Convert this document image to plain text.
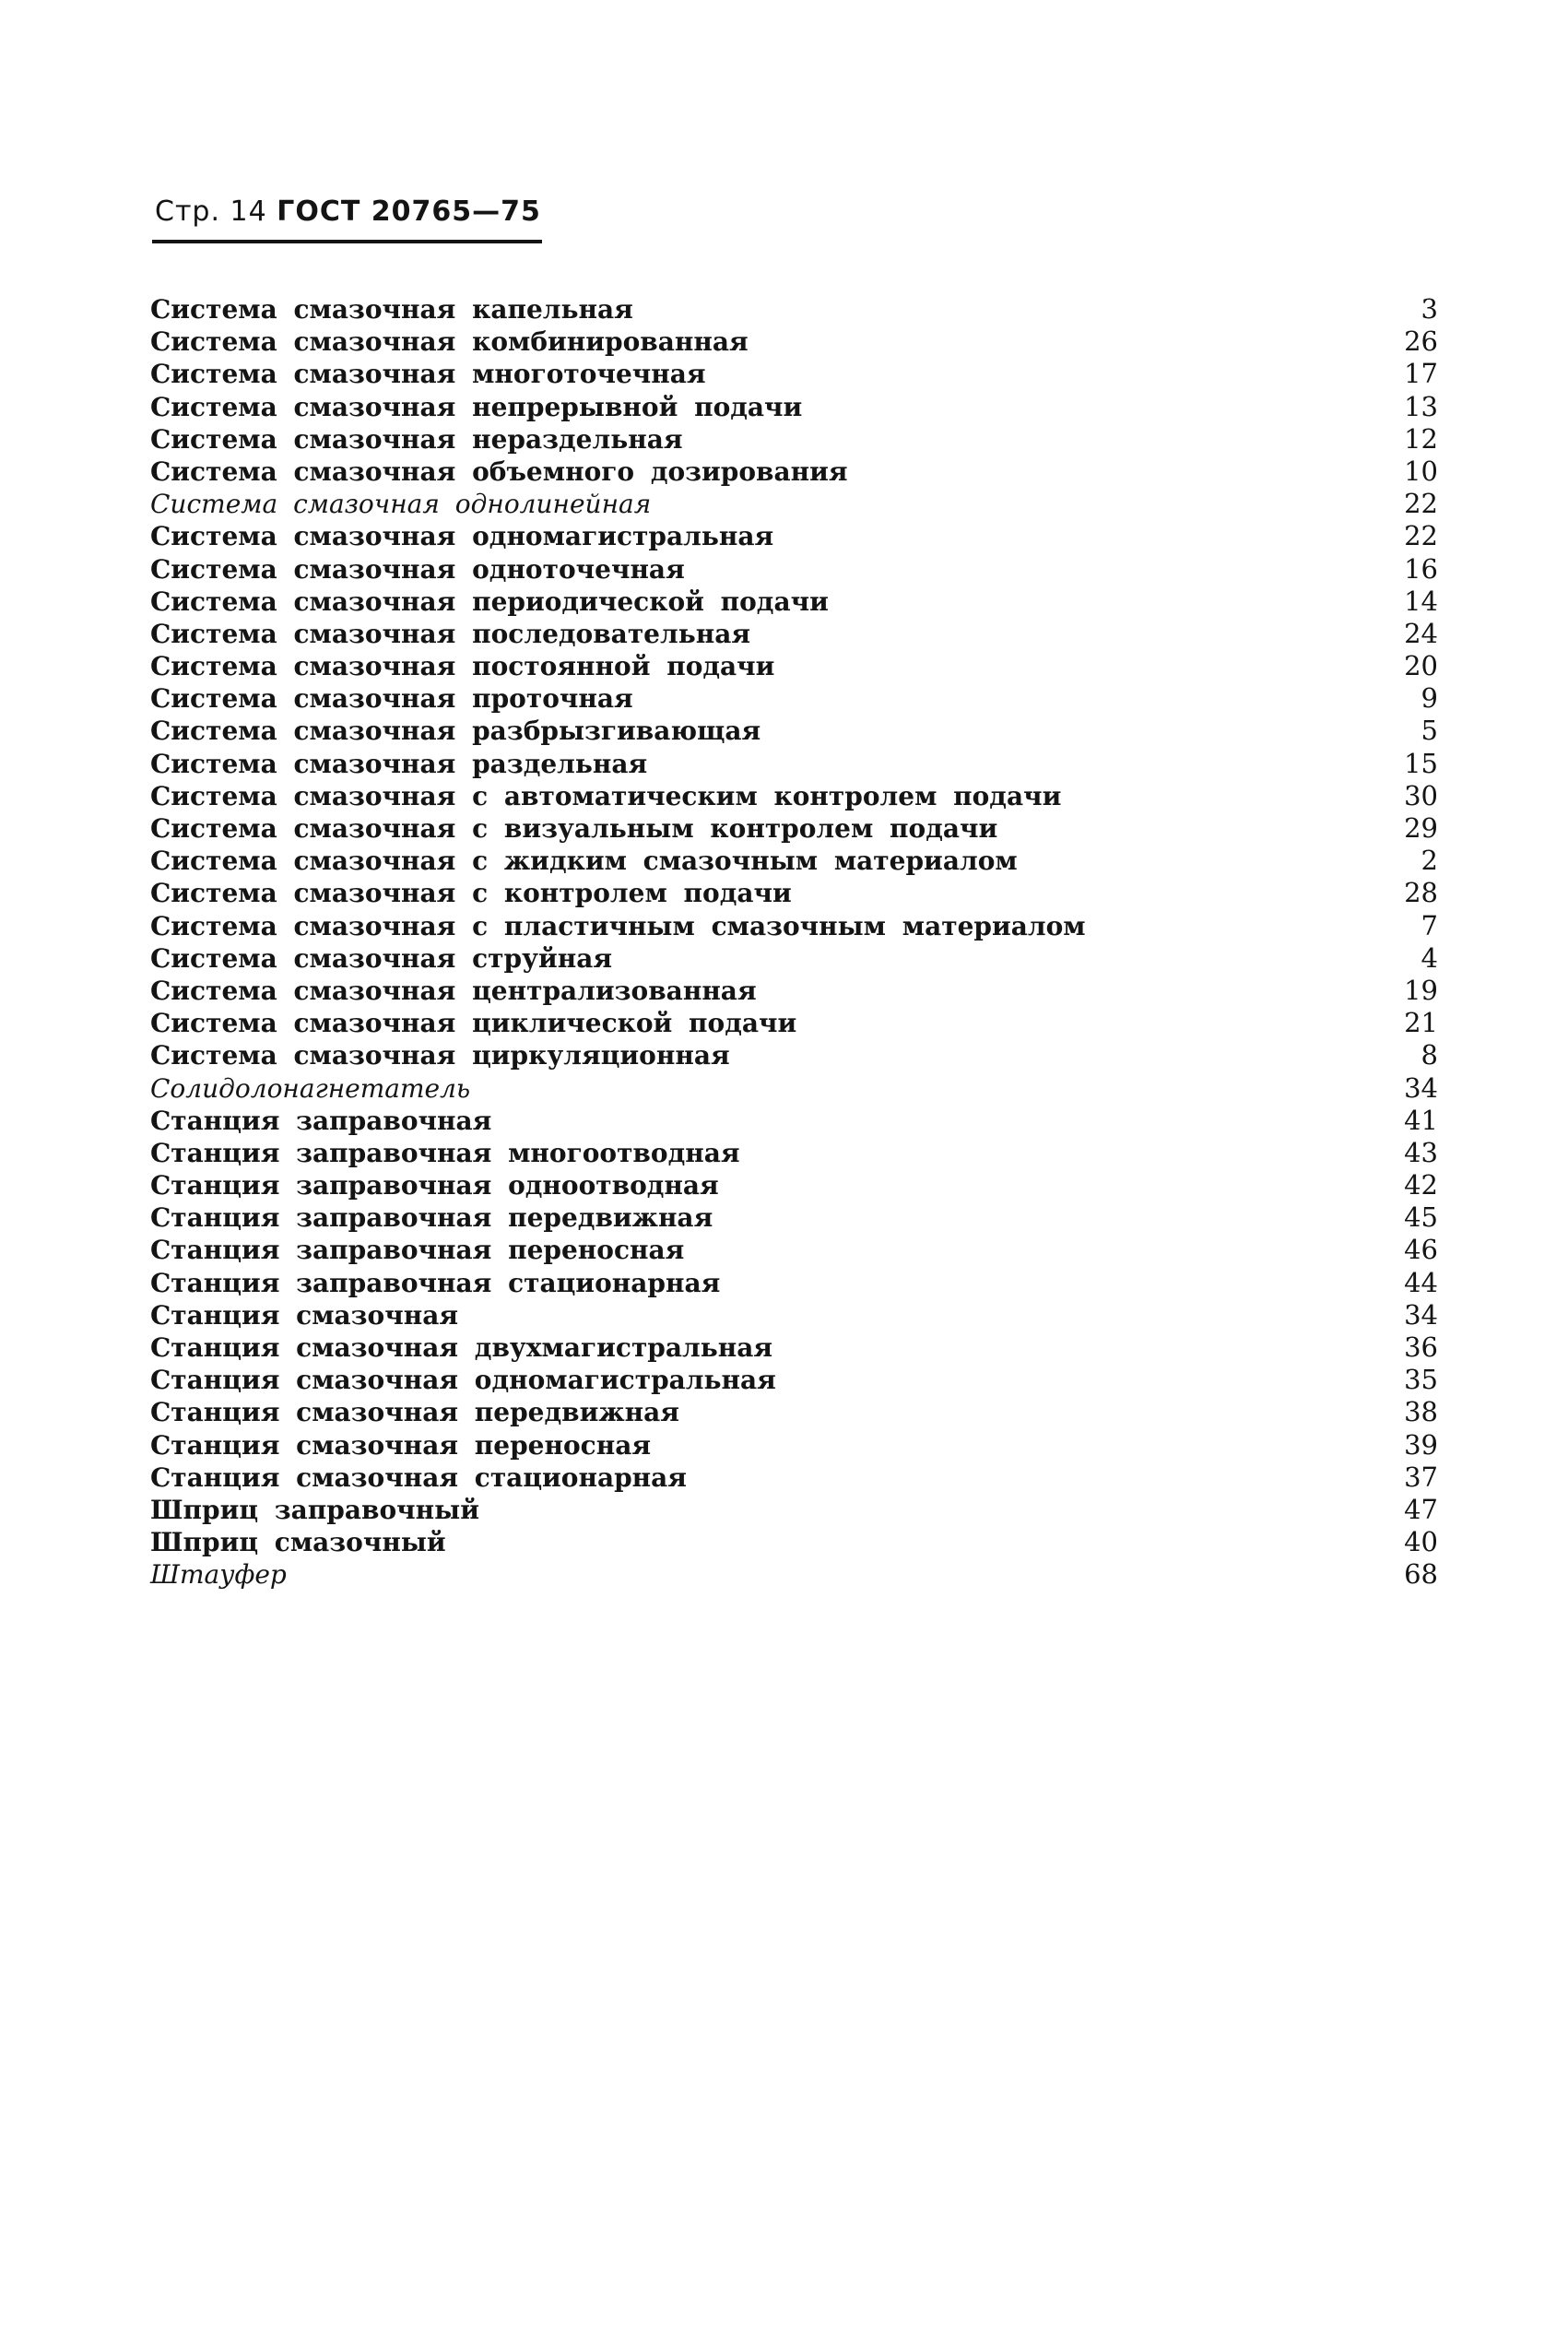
Стр. 14 ГОСТ 20765—75
Система смазочная капельная	3
Система смазочная комбинированная	26
Система смазочная многоточечная	17
Система смазочная непрерывной подачи	13
Система смазочная нераздельная	12
Система смазочная объемного дозирования	10
Система смазочная однолинейная	22
Система смазочная одномагистральная	22
Система смазочная одноточечная	16
Система смазочная периодической подачи	14
Система смазочная последовательная	24
Система смазочная постоянной подачи	20
Система смазочная проточная	9
Система смазочная разбрызгивающая	5
Система смазочная раздельная	15
Система смазочная с автоматическим контролем подачи	30
Система смазочная с визуальным контролем подачи	29
Система смазочная с жидким смазочным материалом	2
Система смазочная с контролем подачи	28
Система смазочная с пластичным смазочным материалом	7
Система смазочная струйная	4
Система смазочная централизованная	19
Система смазочная циклической подачи	21
Система смазочная циркуляционная	8
Солидолонагнетатель	34
Станция заправочная	41
Станция заправочная многоотводная	43
Станция заправочная одноотводная	42
Станция заправочная передвижная	45
Станция заправочная переносная	46
Станция заправочная стационарная	44
Станция смазочная	34
Станция смазочная двухмагистральная	36
Станция смазочная одномагистральная	35
Станция смазочная передвижная	38
Станция смазочная переносная	39
Станция смазочная стационарная	37
Шприц заправочный	47
Шприц смазочный	40
Штауфер	68
